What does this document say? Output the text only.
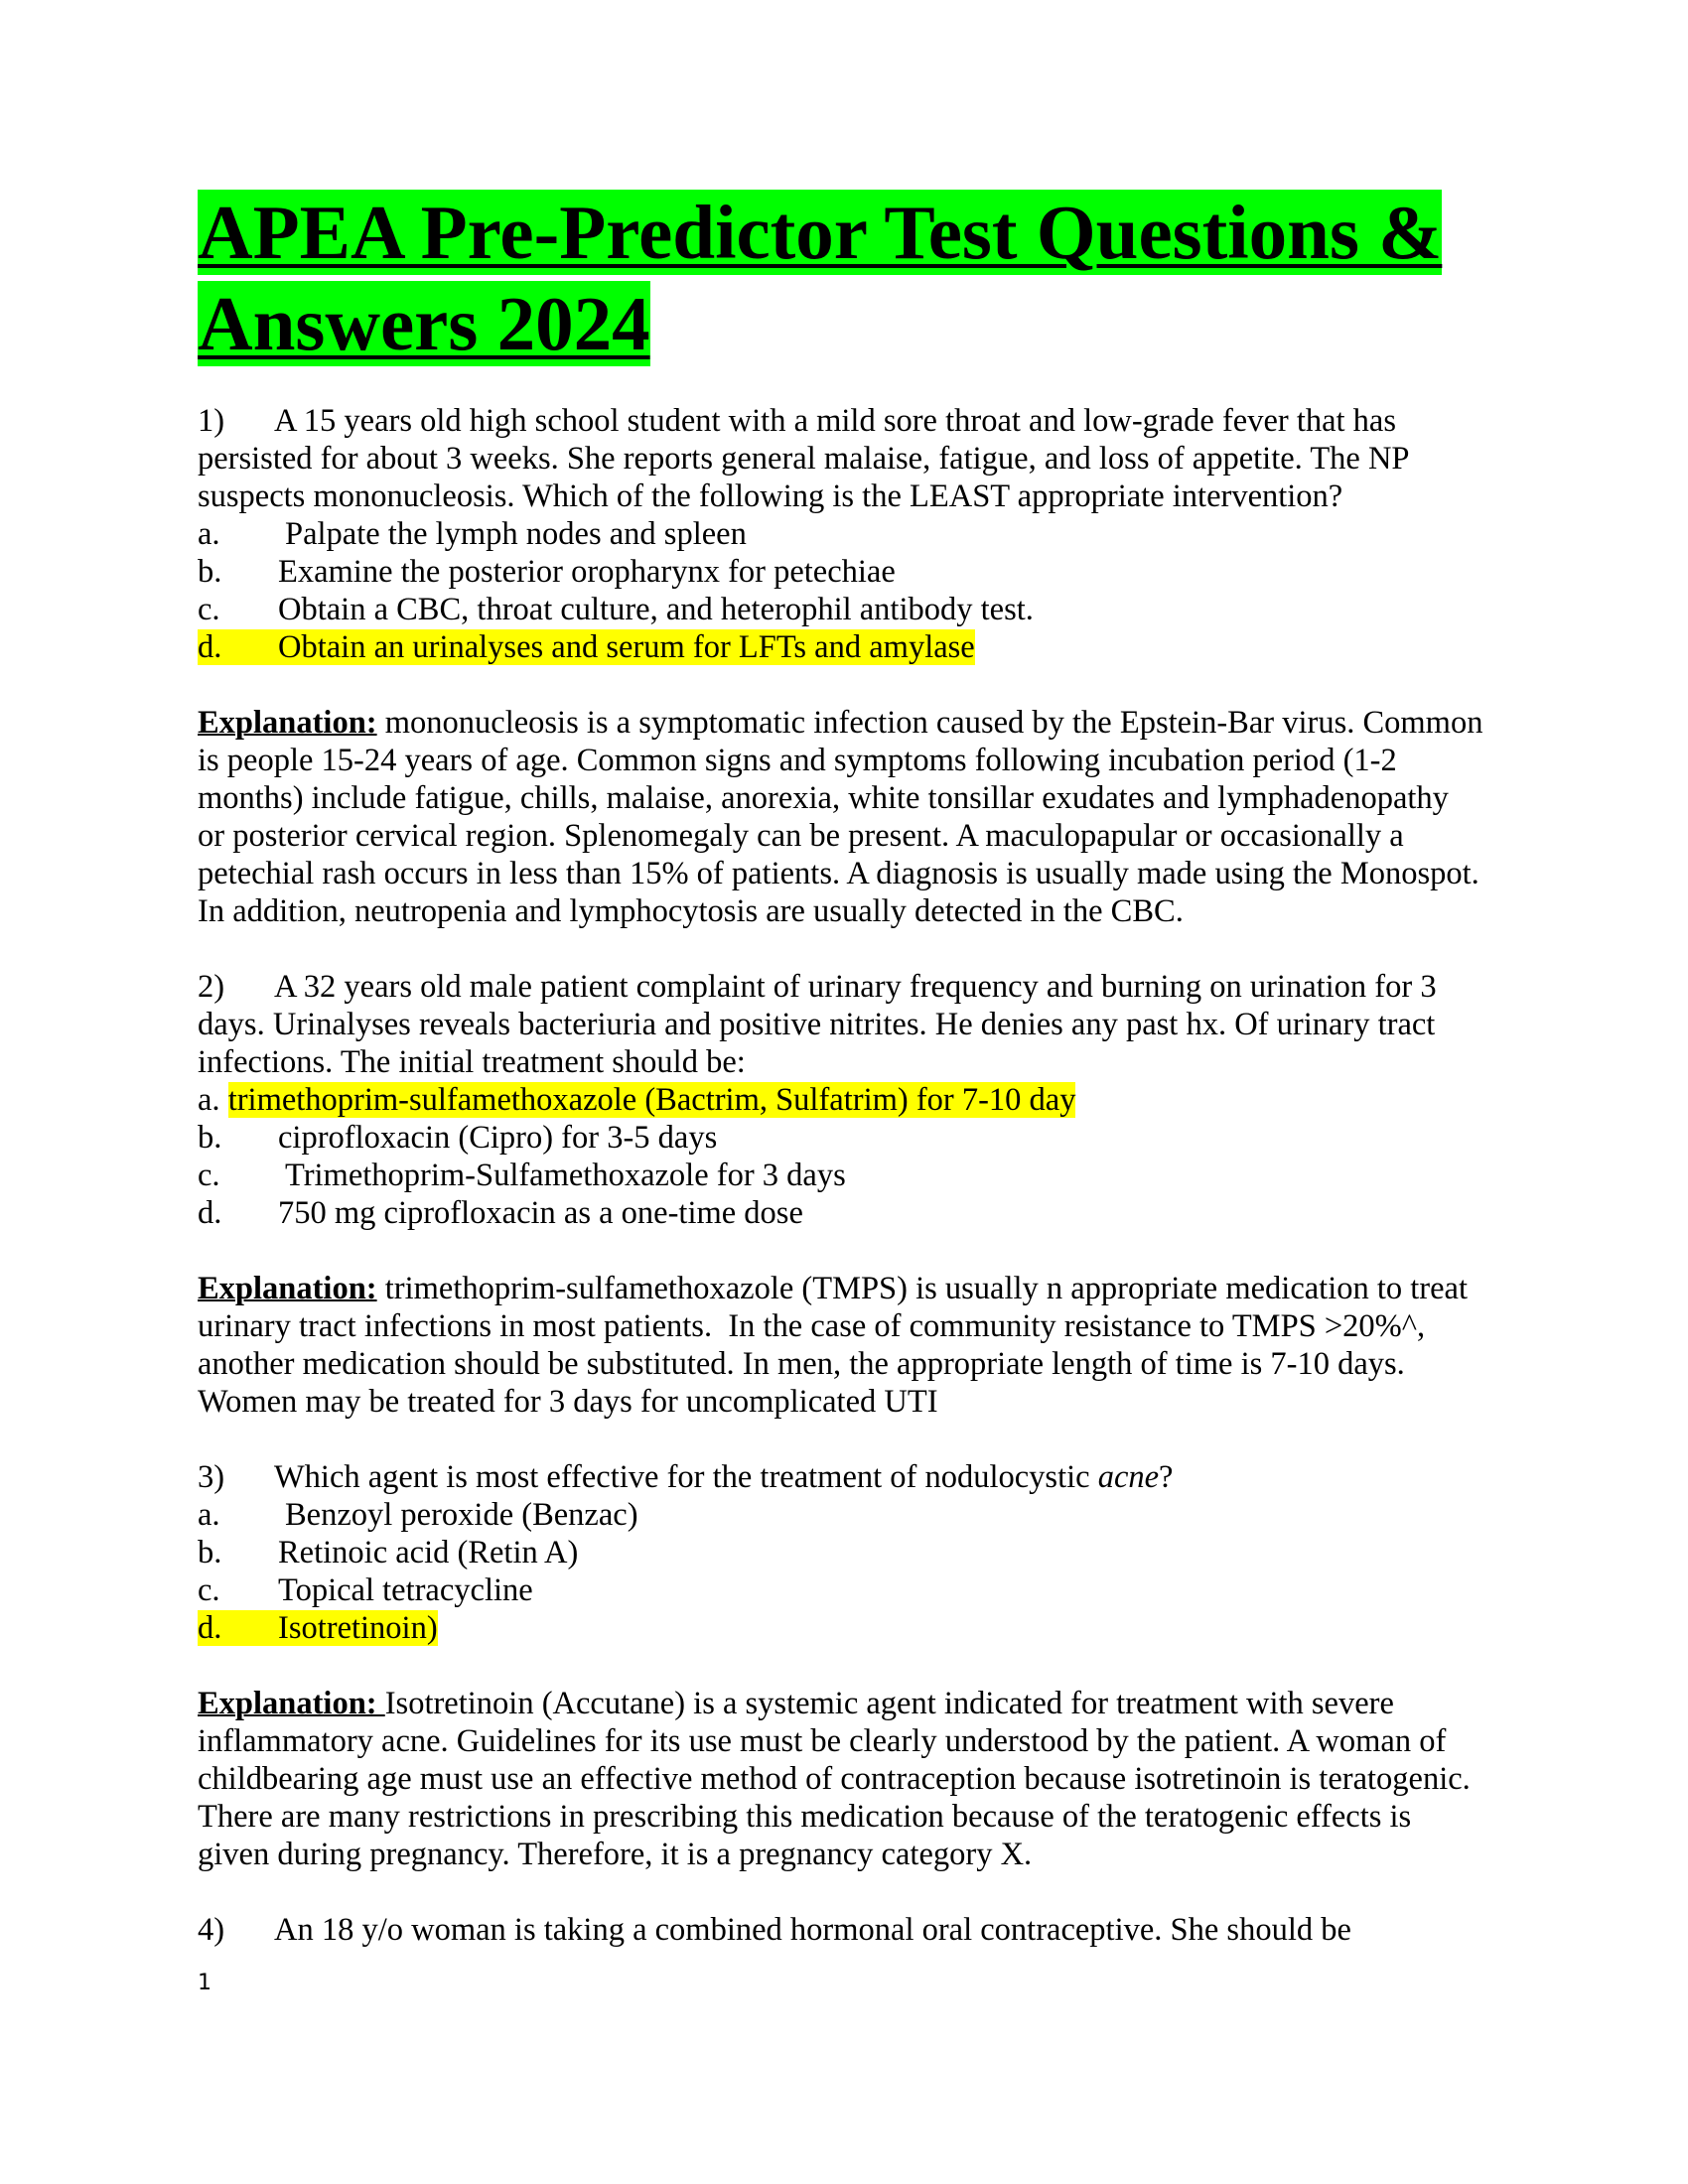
APEA Pre-Predictor Test Questions &
Answers 2024

1) A 15 years old high school student with a mild sore throat and low-grade fever that has persisted for about 3 weeks. She reports general malaise, fatigue, and loss of appetite. The NP suspects mononucleosis. Which of the following is the LEAST appropriate intervention?

a. Palpate the lymph nodes and spleen
b. Examine the posterior oropharynx for petechiae
c. Obtain a CBC, throat culture, and heterophil antibody test.
d. Obtain an urinalyses and serum for LFTs and amylase

Explanation: mononucleosis is a symptomatic infection caused by the Epstein-Bar virus. Common is people 15-24 years of age. Common signs and symptoms following incubation period (1-2 months) include fatigue, chills, malaise, anorexia, white tonsillar exudates and lymphadenopathy or posterior cervical region. Splenomegaly can be present. A maculopapular or occasionally a petechial rash occurs in less than 15% of patients. A diagnosis is usually made using the Monospot. In addition, neutropenia and lymphocytosis are usually detected in the CBC.

2) A 32 years old male patient complaint of urinary frequency and burning on urination for 3 days. Urinalyses reveals bacteriuria and positive nitrites. He denies any past hx. Of urinary tract infections. The initial treatment should be:

a. trimethoprim-sulfamethoxazole (Bactrim, Sulfatrim) for 7-10 day
b. ciprofloxacin (Cipro) for 3-5 days
c. Trimethoprim-Sulfamethoxazole for 3 days
d. 750 mg ciprofloxacin as a one-time dose

Explanation: trimethoprim-sulfamethoxazole (TMPS) is usually n appropriate medication to treat urinary tract infections in most patients.  In the case of community resistance to TMPS >20%^, another medication should be substituted. In men, the appropriate length of time is 7-10 days. Women may be treated for 3 days for uncomplicated UTI

3) Which agent is most effective for the treatment of nodulocystic acne?

a. Benzoyl peroxide (Benzac)
b. Retinoic acid (Retin A)
c. Topical tetracycline
d. Isotretinoin)

Explanation: Isotretinoin (Accutane) is a systemic agent indicated for treatment with severe inflammatory acne. Guidelines for its use must be clearly understood by the patient. A woman of childbearing age must use an effective method of contraception because isotretinoin is teratogenic. There are many restrictions in prescribing this medication because of the teratogenic effects is given during pregnancy. Therefore, it is a pregnancy category X.

4) An 18 y/o woman is taking a combined hormonal oral contraceptive. She should be

1
